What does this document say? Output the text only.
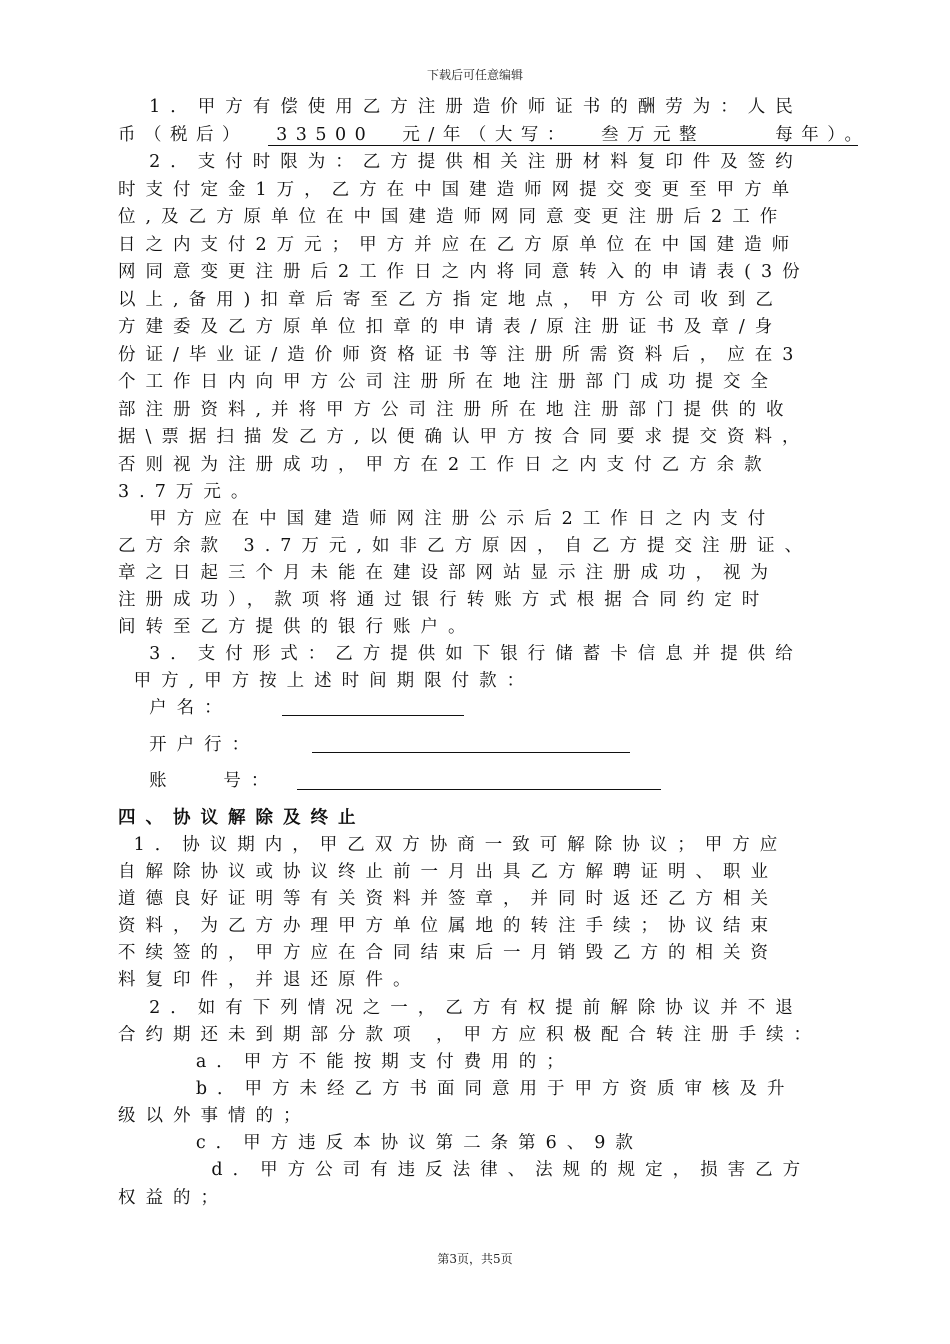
下载后可任意编辑
1．甲方有偿使用乙方注册造价师证书的酬劳为：人民
币（税后）  33500  元/年（大写：  叁万元整     每年）。
2．支付时限为：乙方提供相关注册材料复印件及签约
时支付定金1万，乙方在中国建造师网提交变更至甲方单
位,及乙方原单位在中国建造师网同意变更注册后2工作
日之内支付2万元；甲方并应在乙方原单位在中国建造师
网同意变更注册后2工作日之内将同意转入的申请表(3份
以上,备用)扣章后寄至乙方指定地点，甲方公司收到乙
方建委及乙方原单位扣章的申请表/原注册证书及章/身
份证/毕业证/造价师资格证书等注册所需资料后，应在3
个工作日内向甲方公司注册所在地注册部门成功提交全
部注册资料,并将甲方公司注册所在地注册部门提供的收
据\票据扫描发乙方,以便确认甲方按合同要求提交资料，
否则视为注册成功，甲方在2工作日之内支付乙方余款
3.7万元。
甲方应在中国建造师网注册公示后2工作日之内支付
乙方余款 3.7万元,如非乙方原因，自乙方提交注册证、
章之日起三个月未能在建设部网站显示注册成功，视为
注册成功），款项将通过银行转账方式根据合同约定时
间转至乙方提供的银行账户。
3．支付形式：乙方提供如下银行储蓄卡信息并提供给
甲方,甲方按上述时间期限付款：
户名：
开户行：
账   号：
四、协议解除及终止
1．协议期内，甲乙双方协商一致可解除协议；甲方应
自解除协议或协议终止前一月出具乙方解聘证明、职业
道德良好证明等有关资料并签章，并同时返还乙方相关
资料，为乙方办理甲方单位属地的转注手续；协议结束
不续签的，甲方应在合同结束后一月销毁乙方的相关资
料复印件，并退还原件。
2．如有下列情况之一，乙方有权提前解除协议并不退
合约期还未到期部分款项 ，甲方应积极配合转注册手续：
a．甲方不能按期支付费用的；
b．甲方未经乙方书面同意用于甲方资质审核及升
级以外事情的；
c．甲方违反本协议第二条第6、9款
d．甲方公司有违反法律、法规的规定，损害乙方
权益的；
第3页，共5页
